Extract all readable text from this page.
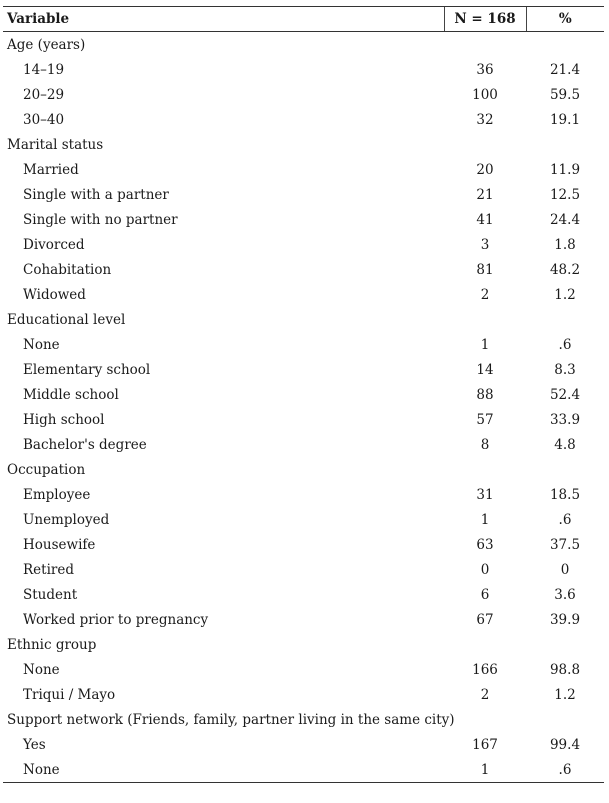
Variable	N = 168	%
Age (years)		
14–19	36	21.4
20–29	100	59.5
30–40	32	19.1
Marital status		
Married	20	11.9
Single with a partner	21	12.5
Single with no partner	41	24.4
Divorced	3	1.8
Cohabitation	81	48.2
Widowed	2	1.2
Educational level		
None	1	.6
Elementary school	14	8.3
Middle school	88	52.4
High school	57	33.9
Bachelor's degree	8	4.8
Occupation		
Employee	31	18.5
Unemployed	1	.6
Housewife	63	37.5
Retired	0	0
Student	6	3.6
Worked prior to pregnancy	67	39.9
Ethnic group		
None	166	98.8
Triqui / Mayo	2	1.2
Support network (Friends, family, partner living in the same city)		
Yes	167	99.4
None	1	.6
